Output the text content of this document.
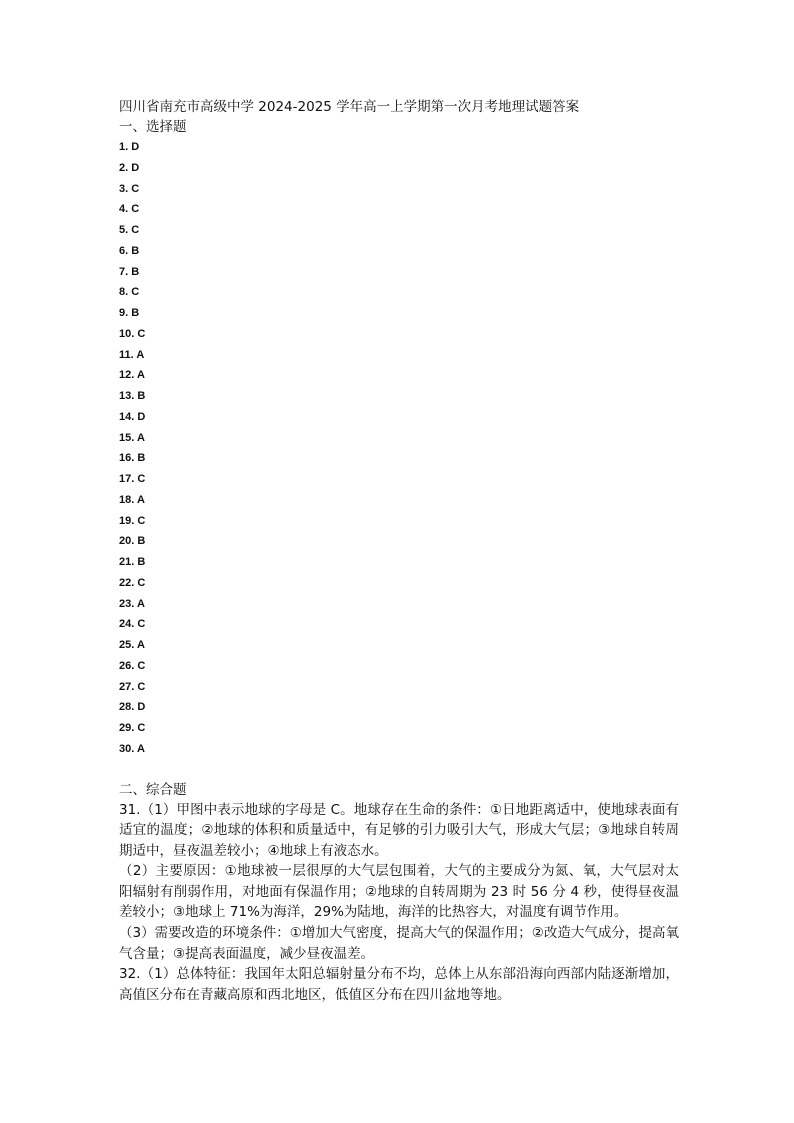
四川省南充市高级中学 2024-2025 学年高一上学期第一次月考地理试题答案

一、选择题

1. D
2. D
3. C
4. C
5. C
6. B
7. B
8. C
9. B
10. C
11. A
12. A
13. B
14. D
15. A
16. B
17. C
18. A
19. C
20. B
21. B
22. C
23. A
24. C
25. A
26. C
27. C
28. D
29. C
30. A

二、综合题

31.（1）甲图中表示地球的字母是 C。地球存在生命的条件：①日地距离适中，使地球表面有适宜的温度；②地球的体积和质量适中，有足够的引力吸引大气，形成大气层；③地球自转周期适中，昼夜温差较小；④地球上有液态水。

（2）主要原因：①地球被一层很厚的大气层包围着，大气的主要成分为氮、氧，大气层对太阳辐射有削弱作用，对地面有保温作用；②地球的自转周期为 23 时 56 分 4 秒，使得昼夜温差较小；③地球上 71%为海洋，29%为陆地，海洋的比热容大，对温度有调节作用。

（3）需要改造的环境条件：①增加大气密度，提高大气的保温作用；②改造大气成分，提高氧气含量；③提高表面温度，减少昼夜温差。

32.（1）总体特征：我国年太阳总辐射量分布不均，总体上从东部沿海向西部内陆逐渐增加，高值区分布在青藏高原和西北地区，低值区分布在四川盆地等地。
